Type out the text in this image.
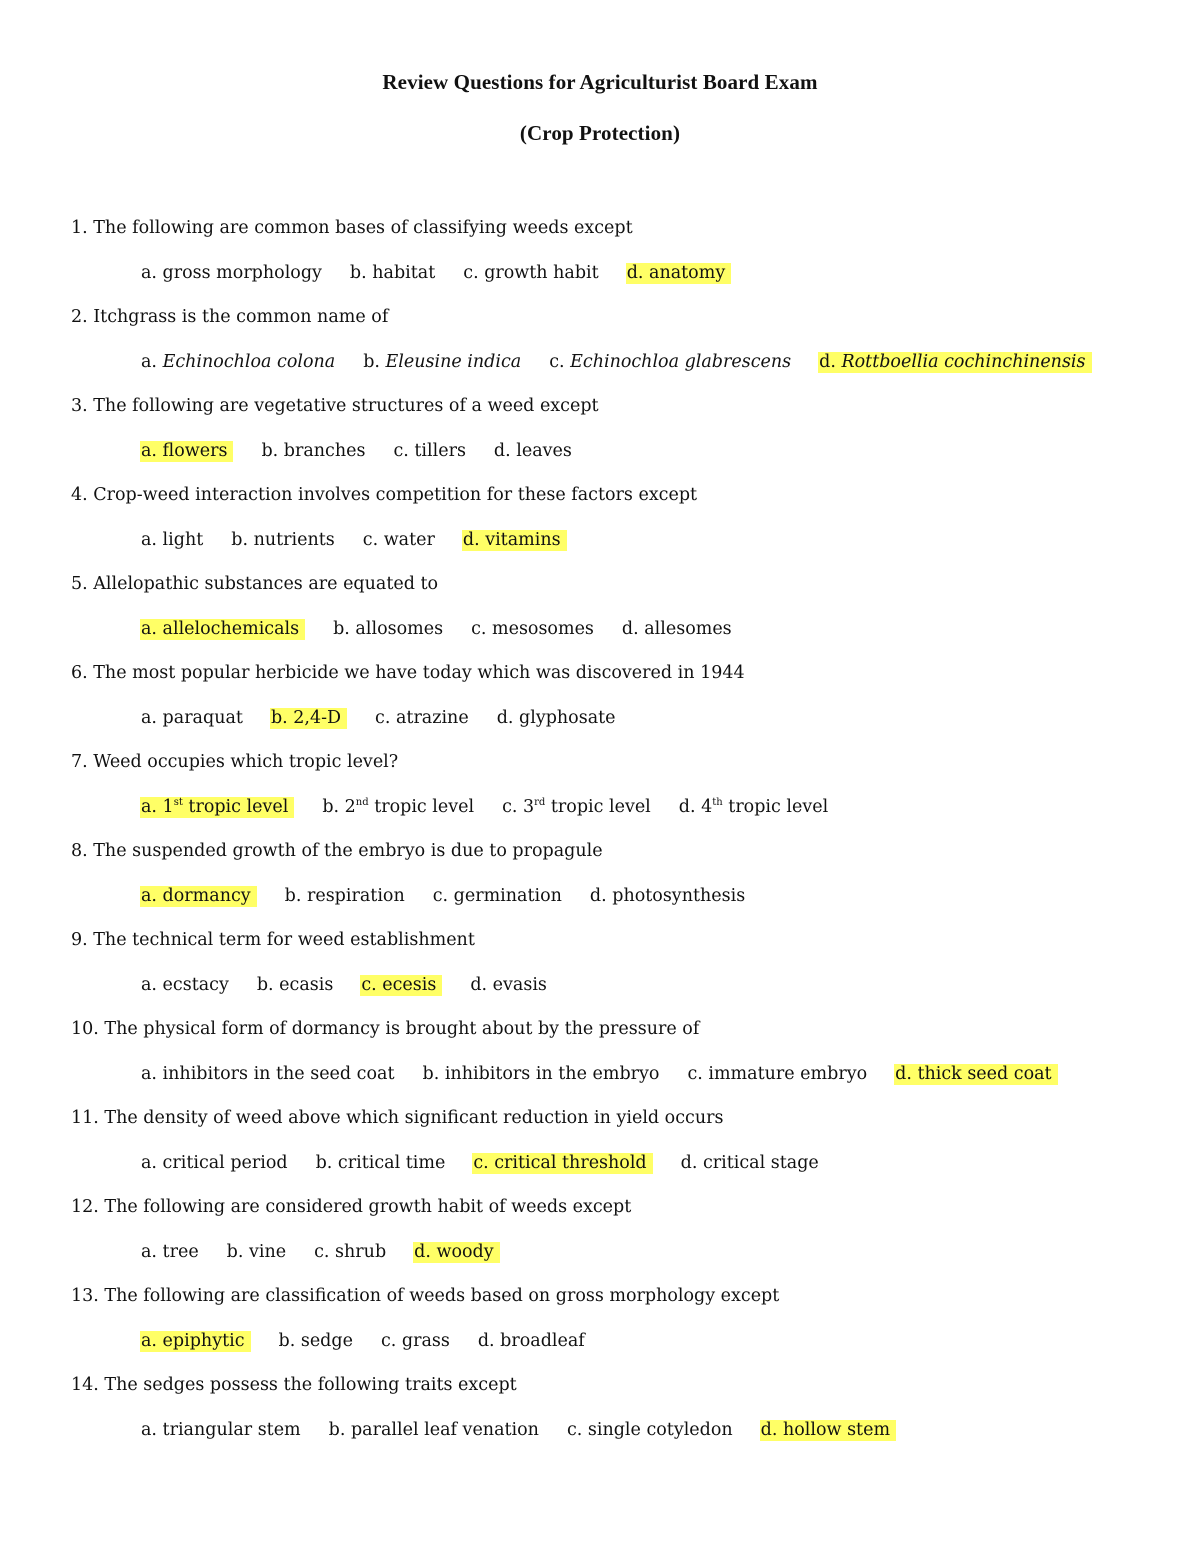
Review Questions for Agriculturist Board Exam
(Crop Protection)
1. The following are common bases of classifying weeds except
a. gross morphology b. habitat c. growth habit d. anatomy
2. Itchgrass is the common name of
a. Echinochloa colona b. Eleusine indica c. Echinochloa glabrescens d. Rottboellia cochinchinensis
3. The following are vegetative structures of a weed except
a. flowers b. branches c. tillers d. leaves
4. Crop-weed interaction involves competition for these factors except
a. light b. nutrients c. water d. vitamins
5. Allelopathic substances are equated to
a. allelochemicals b. allosomes c. mesosomes d. allesomes
6. The most popular herbicide we have today which was discovered in 1944
a. paraquat b. 2,4-D c. atrazine d. glyphosate
7. Weed occupies which tropic level?
a. 1st tropic level b. 2nd tropic level c. 3rd tropic level d. 4th tropic level
8. The suspended growth of the embryo is due to propagule
a. dormancy b. respiration c. germination d. photosynthesis
9. The technical term for weed establishment
a. ecstacy b. ecasis c. ecesis d. evasis
10. The physical form of dormancy is brought about by the pressure of
a. inhibitors in the seed coat b. inhibitors in the embryo c. immature embryo d. thick seed coat
11. The density of weed above which significant reduction in yield occurs
a. critical period b. critical time c. critical threshold d. critical stage
12. The following are considered growth habit of weeds except
a. tree b. vine c. shrub d. woody
13. The following are classification of weeds based on gross morphology except
a. epiphytic b. sedge c. grass d. broadleaf
14. The sedges possess the following traits except
a. triangular stem b. parallel leaf venation c. single cotyledon d. hollow stem
